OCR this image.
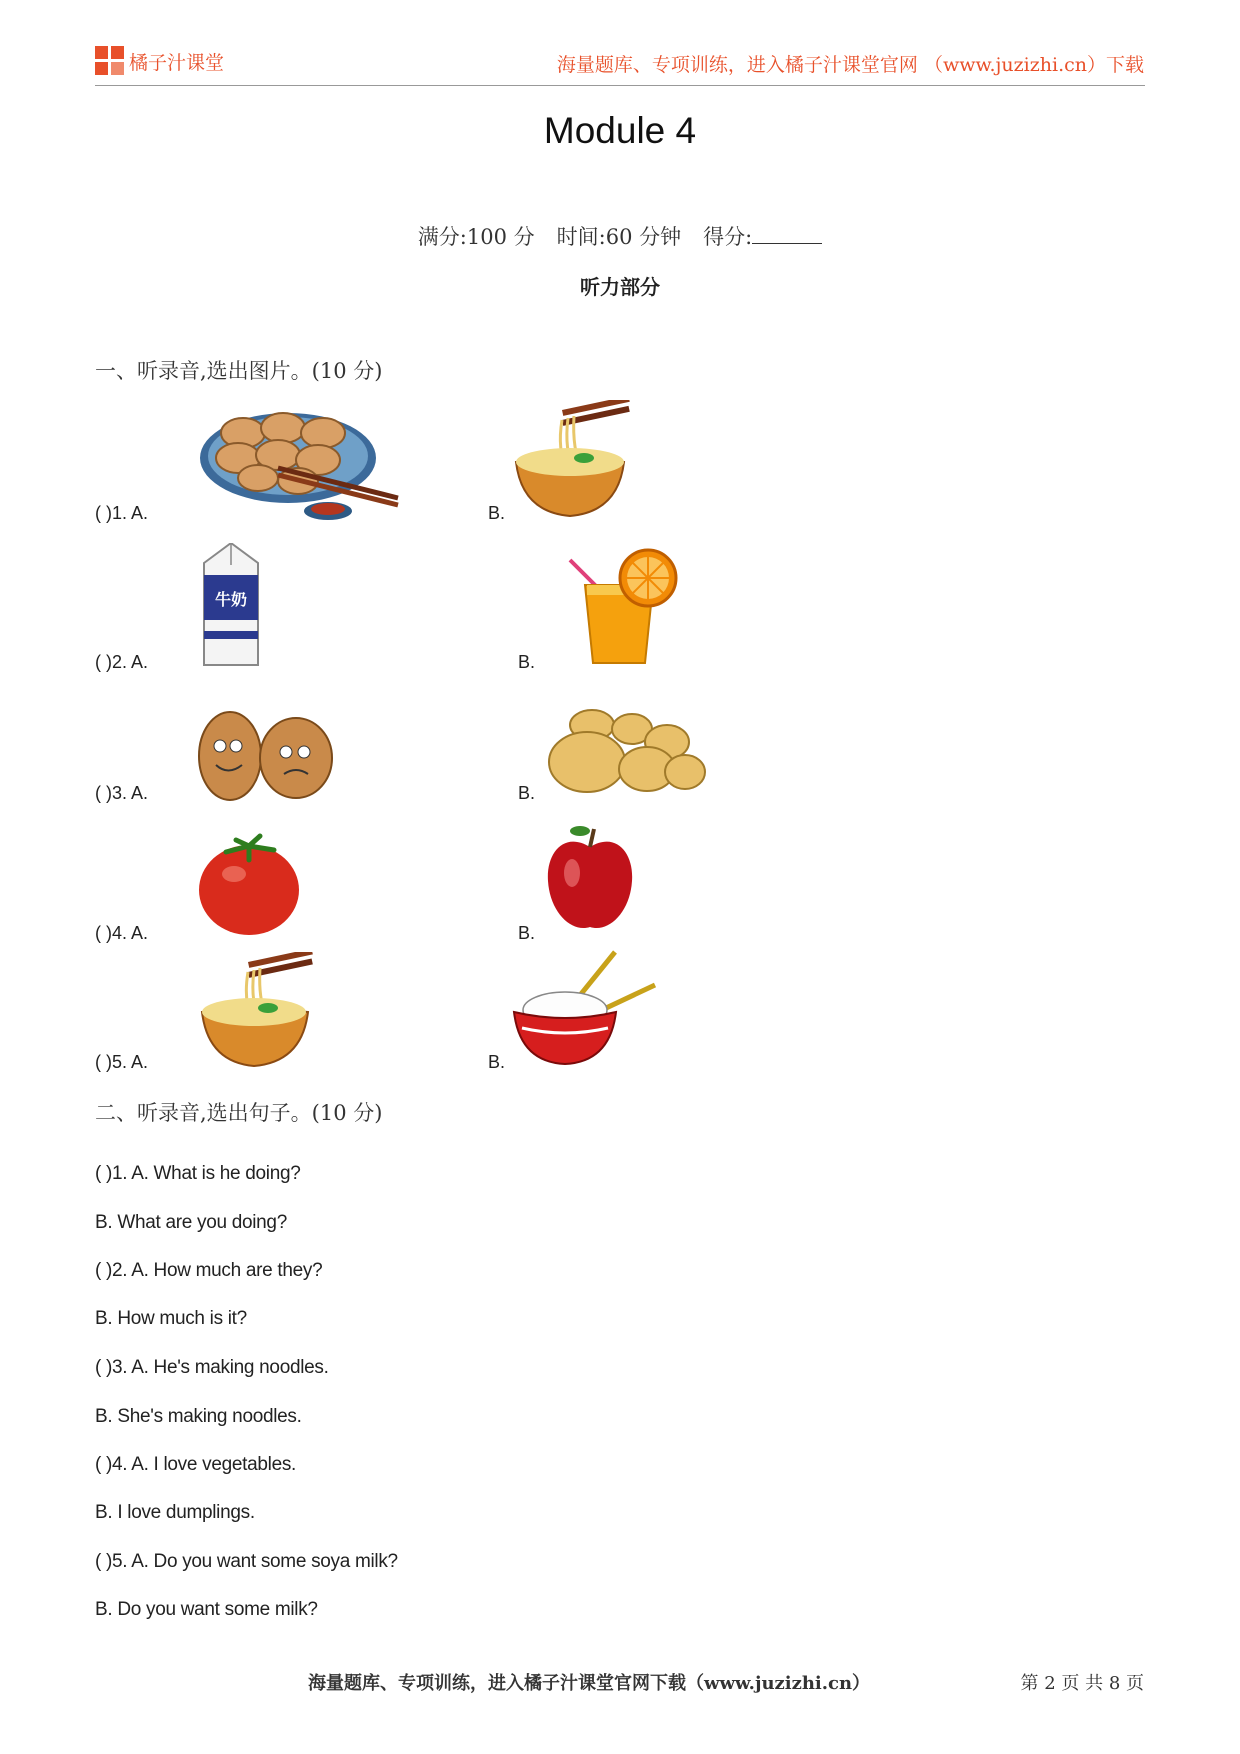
橘子汁课堂	海量题库、专项训练，进入橘子汁课堂官网 （www.juzizhi.cn）下载
Module 4
满分:100 分 时间:60 分钟 得分:
听力部分
一、听录音,选出图片。(10 分)
( )1. A.	B.
( )2. A.	B.
牛奶
( )3. A.	B.
( )4. A.	B.
( )5. A.	B.
二、听录音,选出句子。(10 分)
( )1. A. What is he doing?
B. What are you doing?
( )2. A. How much are they?
B. How much is it?
( )3. A. He's making noodles.
B. She's making noodles.
( )4. A. I love vegetables.
B. I love dumplings.
( )5. A. Do you want some soya milk?
B. Do you want some milk?
海量题库、专项训练，进入橘子汁课堂官网下载（www.juzizhi.cn）	第 2 页 共 8 页
